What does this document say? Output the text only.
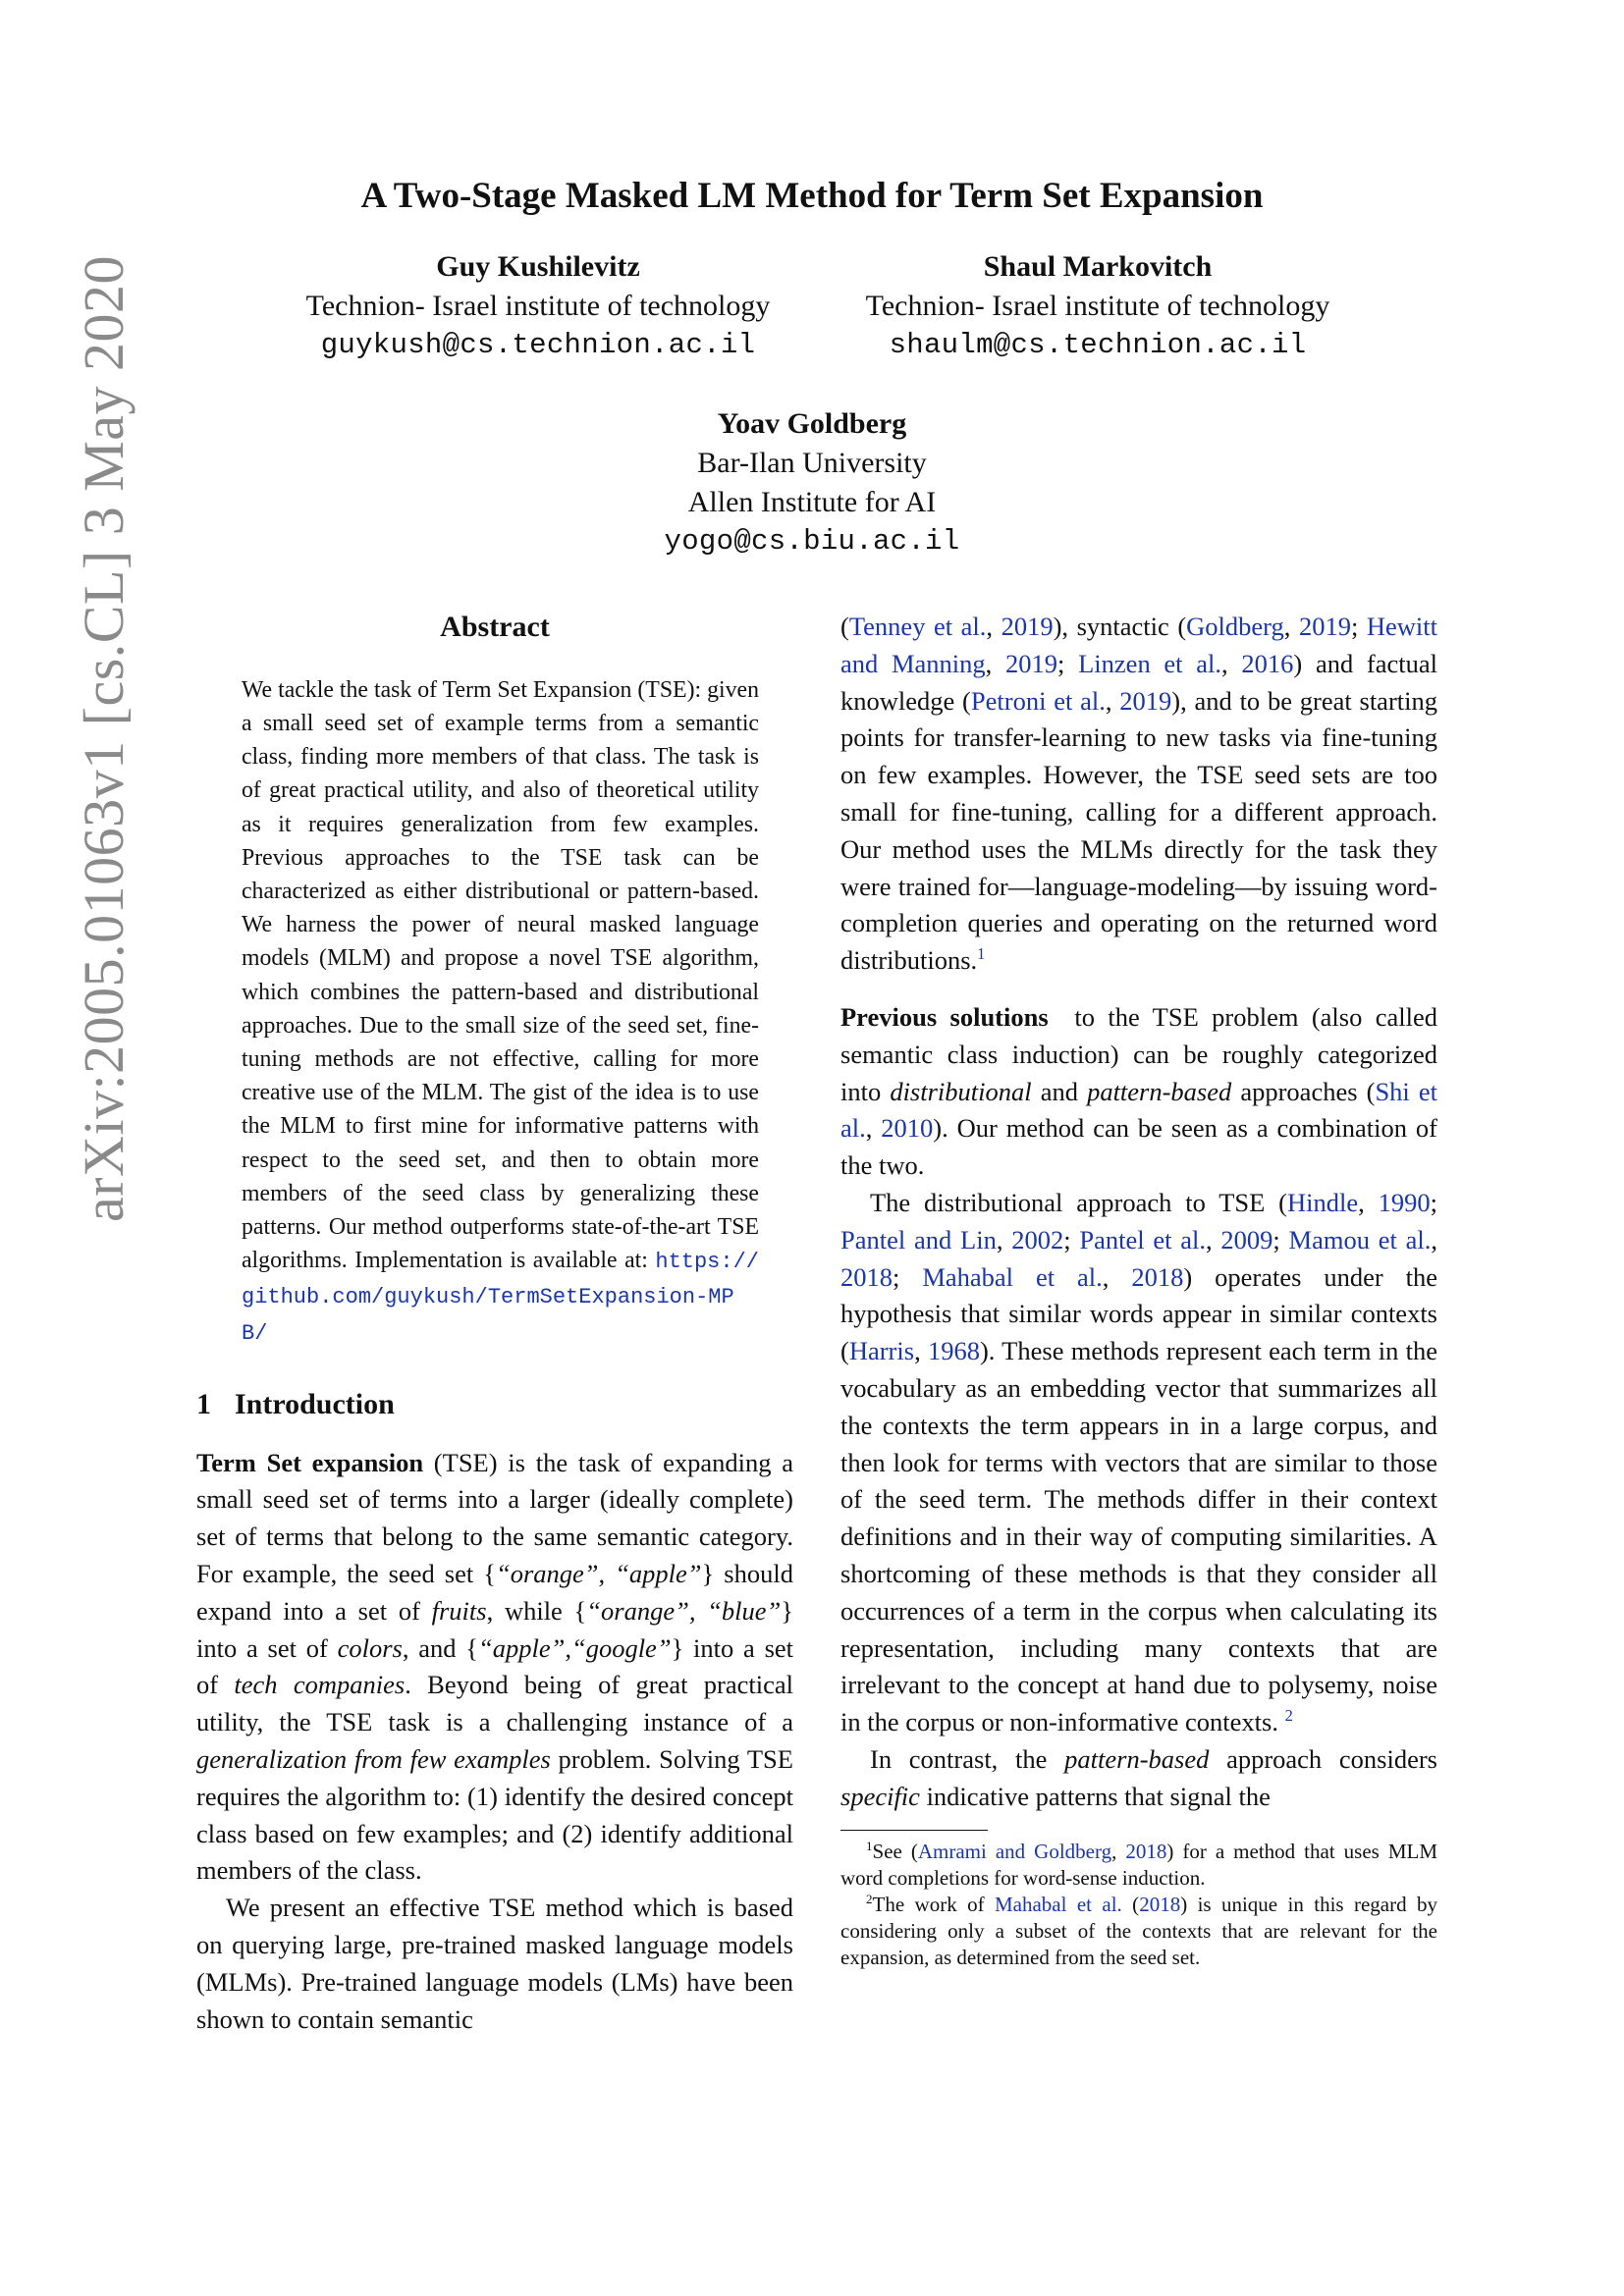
arXiv:2005.01063v1 [cs.CL] 3 May 2020
A Two-Stage Masked LM Method for Term Set Expansion
Guy Kushilevitz
Technion- Israel institute of technology
guykush@cs.technion.ac.il
Shaul Markovitch
Technion- Israel institute of technology
shaulm@cs.technion.ac.il
Yoav Goldberg
Bar-Ilan University
Allen Institute for AI
yogo@cs.biu.ac.il
Abstract

We tackle the task of Term Set Expansion (TSE): given a small seed set of example terms from a semantic class, finding more members of that class. The task is of great practical utility, and also of theoretical utility as it requires generalization from few examples. Previous approaches to the TSE task can be characterized as either distributional or pattern-based. We harness the power of neural masked language models (MLM) and propose a novel TSE algorithm, which combines the pattern-based and distributional approaches. Due to the small size of the seed set, fine-tuning methods are not effective, calling for more creative use of the MLM. The gist of the idea is to use the MLM to first mine for informative patterns with respect to the seed set, and then to obtain more members of the seed class by generalizing these patterns. Our method outperforms state-of-the-art TSE algorithms. Implementation is available at: https://github.com/guykush/TermSetExpansion-MPB/

1 Introduction

Term Set expansion (TSE) is the task of expanding a small seed set of terms into a larger (ideally complete) set of terms that belong to the same semantic category. For example, the seed set {“orange”, “apple”} should expand into a set of fruits, while {“orange”, “blue”} into a set of colors, and {“apple”,“google”} into a set of tech companies. Beyond being of great practical utility, the TSE task is a challenging instance of a generalization from few examples problem. Solving TSE requires the algorithm to: (1) identify the desired concept class based on few examples; and (2) identify additional members of the class.

We present an effective TSE method which is based on querying large, pre-trained masked language models (MLMs). Pre-trained language models (LMs) have been shown to contain semantic

(Tenney et al., 2019), syntactic (Goldberg, 2019; Hewitt and Manning, 2019; Linzen et al., 2016) and factual knowledge (Petroni et al., 2019), and to be great starting points for transfer-learning to new tasks via fine-tuning on few examples. However, the TSE seed sets are too small for fine-tuning, calling for a different approach. Our method uses the MLMs directly for the task they were trained for—language-modeling—by issuing word-completion queries and operating on the returned word distributions.$^1$

Previous solutions  to the TSE problem (also called semantic class induction) can be roughly categorized into distributional and pattern-based approaches (Shi et al., 2010). Our method can be seen as a combination of the two.

The distributional approach to TSE (Hindle, 1990; Pantel and Lin, 2002; Pantel et al., 2009; Mamou et al., 2018; Mahabal et al., 2018) operates under the hypothesis that similar words appear in similar contexts (Harris, 1968). These methods represent each term in the vocabulary as an embedding vector that summarizes all the contexts the term appears in in a large corpus, and then look for terms with vectors that are similar to those of the seed term. The methods differ in their context definitions and in their way of computing similarities. A shortcoming of these methods is that they consider all occurrences of a term in the corpus when calculating its representation, including many contexts that are irrelevant to the concept at hand due to polysemy, noise in the corpus or non-informative contexts. $^2$

In contrast, the pattern-based approach considers specific indicative patterns that signal the

$^1$See (Amrami and Goldberg, 2018) for a method that uses MLM word completions for word-sense induction.

$^2$The work of Mahabal et al. (2018) is unique in this regard by considering only a subset of the contexts that are relevant for the expansion, as determined from the seed set.
